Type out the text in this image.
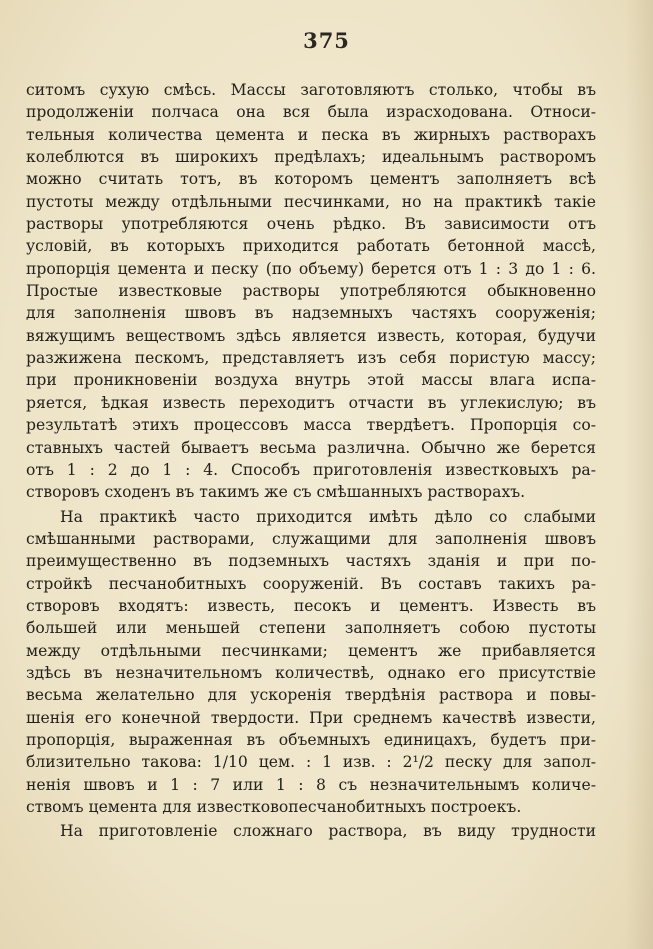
375
ситомъ сухую смѣсь. Массы заготовляютъ столько, чтобы въ
продолженіи полчаса она вся была израсходована. Относи-
тельныя количества цемента и песка въ жирныхъ растворахъ
колеблются въ широкихъ предѣлахъ; идеальнымъ растворомъ
можно считать тотъ, въ которомъ цементъ заполняетъ всѣ
пустоты между отдѣльными песчинками, но на практикѣ такіе
растворы употребляются очень рѣдко. Въ зависимости отъ
условій, въ которыхъ приходится работать бетонной массѣ,
пропорція цемента и песку (по объему) берется отъ 1 : 3 до 1 : 6.
Простые известковые растворы употребляются обыкновенно
для заполненія швовъ въ надземныхъ частяхъ сооруженія;
вяжущимъ веществомъ здѣсь является известь, которая, будучи
разжижена пескомъ, представляетъ изъ себя пористую массу;
при проникновеніи воздуха внутрь этой массы влага испа-
ряется, ѣдкая известь переходитъ отчасти въ углекислую; въ
результатѣ этихъ процессовъ масса твердѣетъ. Пропорція со-
ставныхъ частей бываетъ весьма различна. Обычно же берется
отъ 1 : 2 до 1 : 4. Способъ приготовленія известковыхъ ра-
створовъ сходенъ въ такимъ же съ смѣшанныхъ растворахъ.
На практикѣ часто приходится имѣть дѣло со слабыми
смѣшанными растворами, служащими для заполненія швовъ
преимущественно въ подземныхъ частяхъ зданія и при по-
стройкѣ песчанобитныхъ сооруженій. Въ составъ такихъ ра-
створовъ входятъ: известь, песокъ и цементъ. Известь въ
большей или меньшей степени заполняетъ собою пустоты
между отдѣльными песчинками; цементъ же прибавляется
здѣсь въ незначительномъ количествѣ, однако его присутствіе
весьма желательно для ускоренія твердѣнія раствора и повы-
шенія его конечной твердости. При среднемъ качествѣ извести,
пропорція, выраженная въ объемныхъ единицахъ, будетъ при-
близительно такова: 1/10 цем. : 1 изв. : 2¹/2 песку для запол-
ненія швовъ и 1 : 7 или 1 : 8 съ незначительнымъ количе-
ствомъ цемента для известковопесчанобитныхъ построекъ.
На приготовленіе сложнаго раствора, въ виду трудности
